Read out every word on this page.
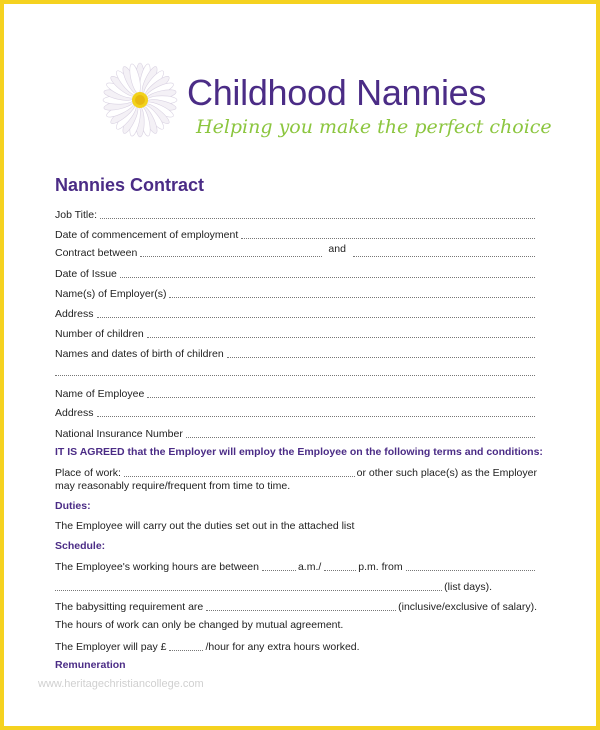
Childhood Nannies
Helping you make the perfect choice
Nannies Contract
Job Title:
Date of commencement of employment
Contract between	and
Date of Issue
Name(s) of Employer(s)
Address
Number of children
Names and dates of birth of children
Name of Employee
Address
National Insurance Number
IT IS AGREED that the Employer will employ the Employee on the following terms and conditions:
Place of work:	or other such place(s) as the Employer
may reasonably require/frequent from time to time.
Duties:
The Employee will carry out the duties set out in the attached list
Schedule:
The Employee's working hours are between	a.m./	p.m. from
(list days).
The babysitting requirement are	(inclusive/exclusive of salary).
The hours of work can only be changed by mutual agreement.
The Employer will pay £	/hour for any extra hours worked.
Remuneration
www.heritagechristiancollege.com
